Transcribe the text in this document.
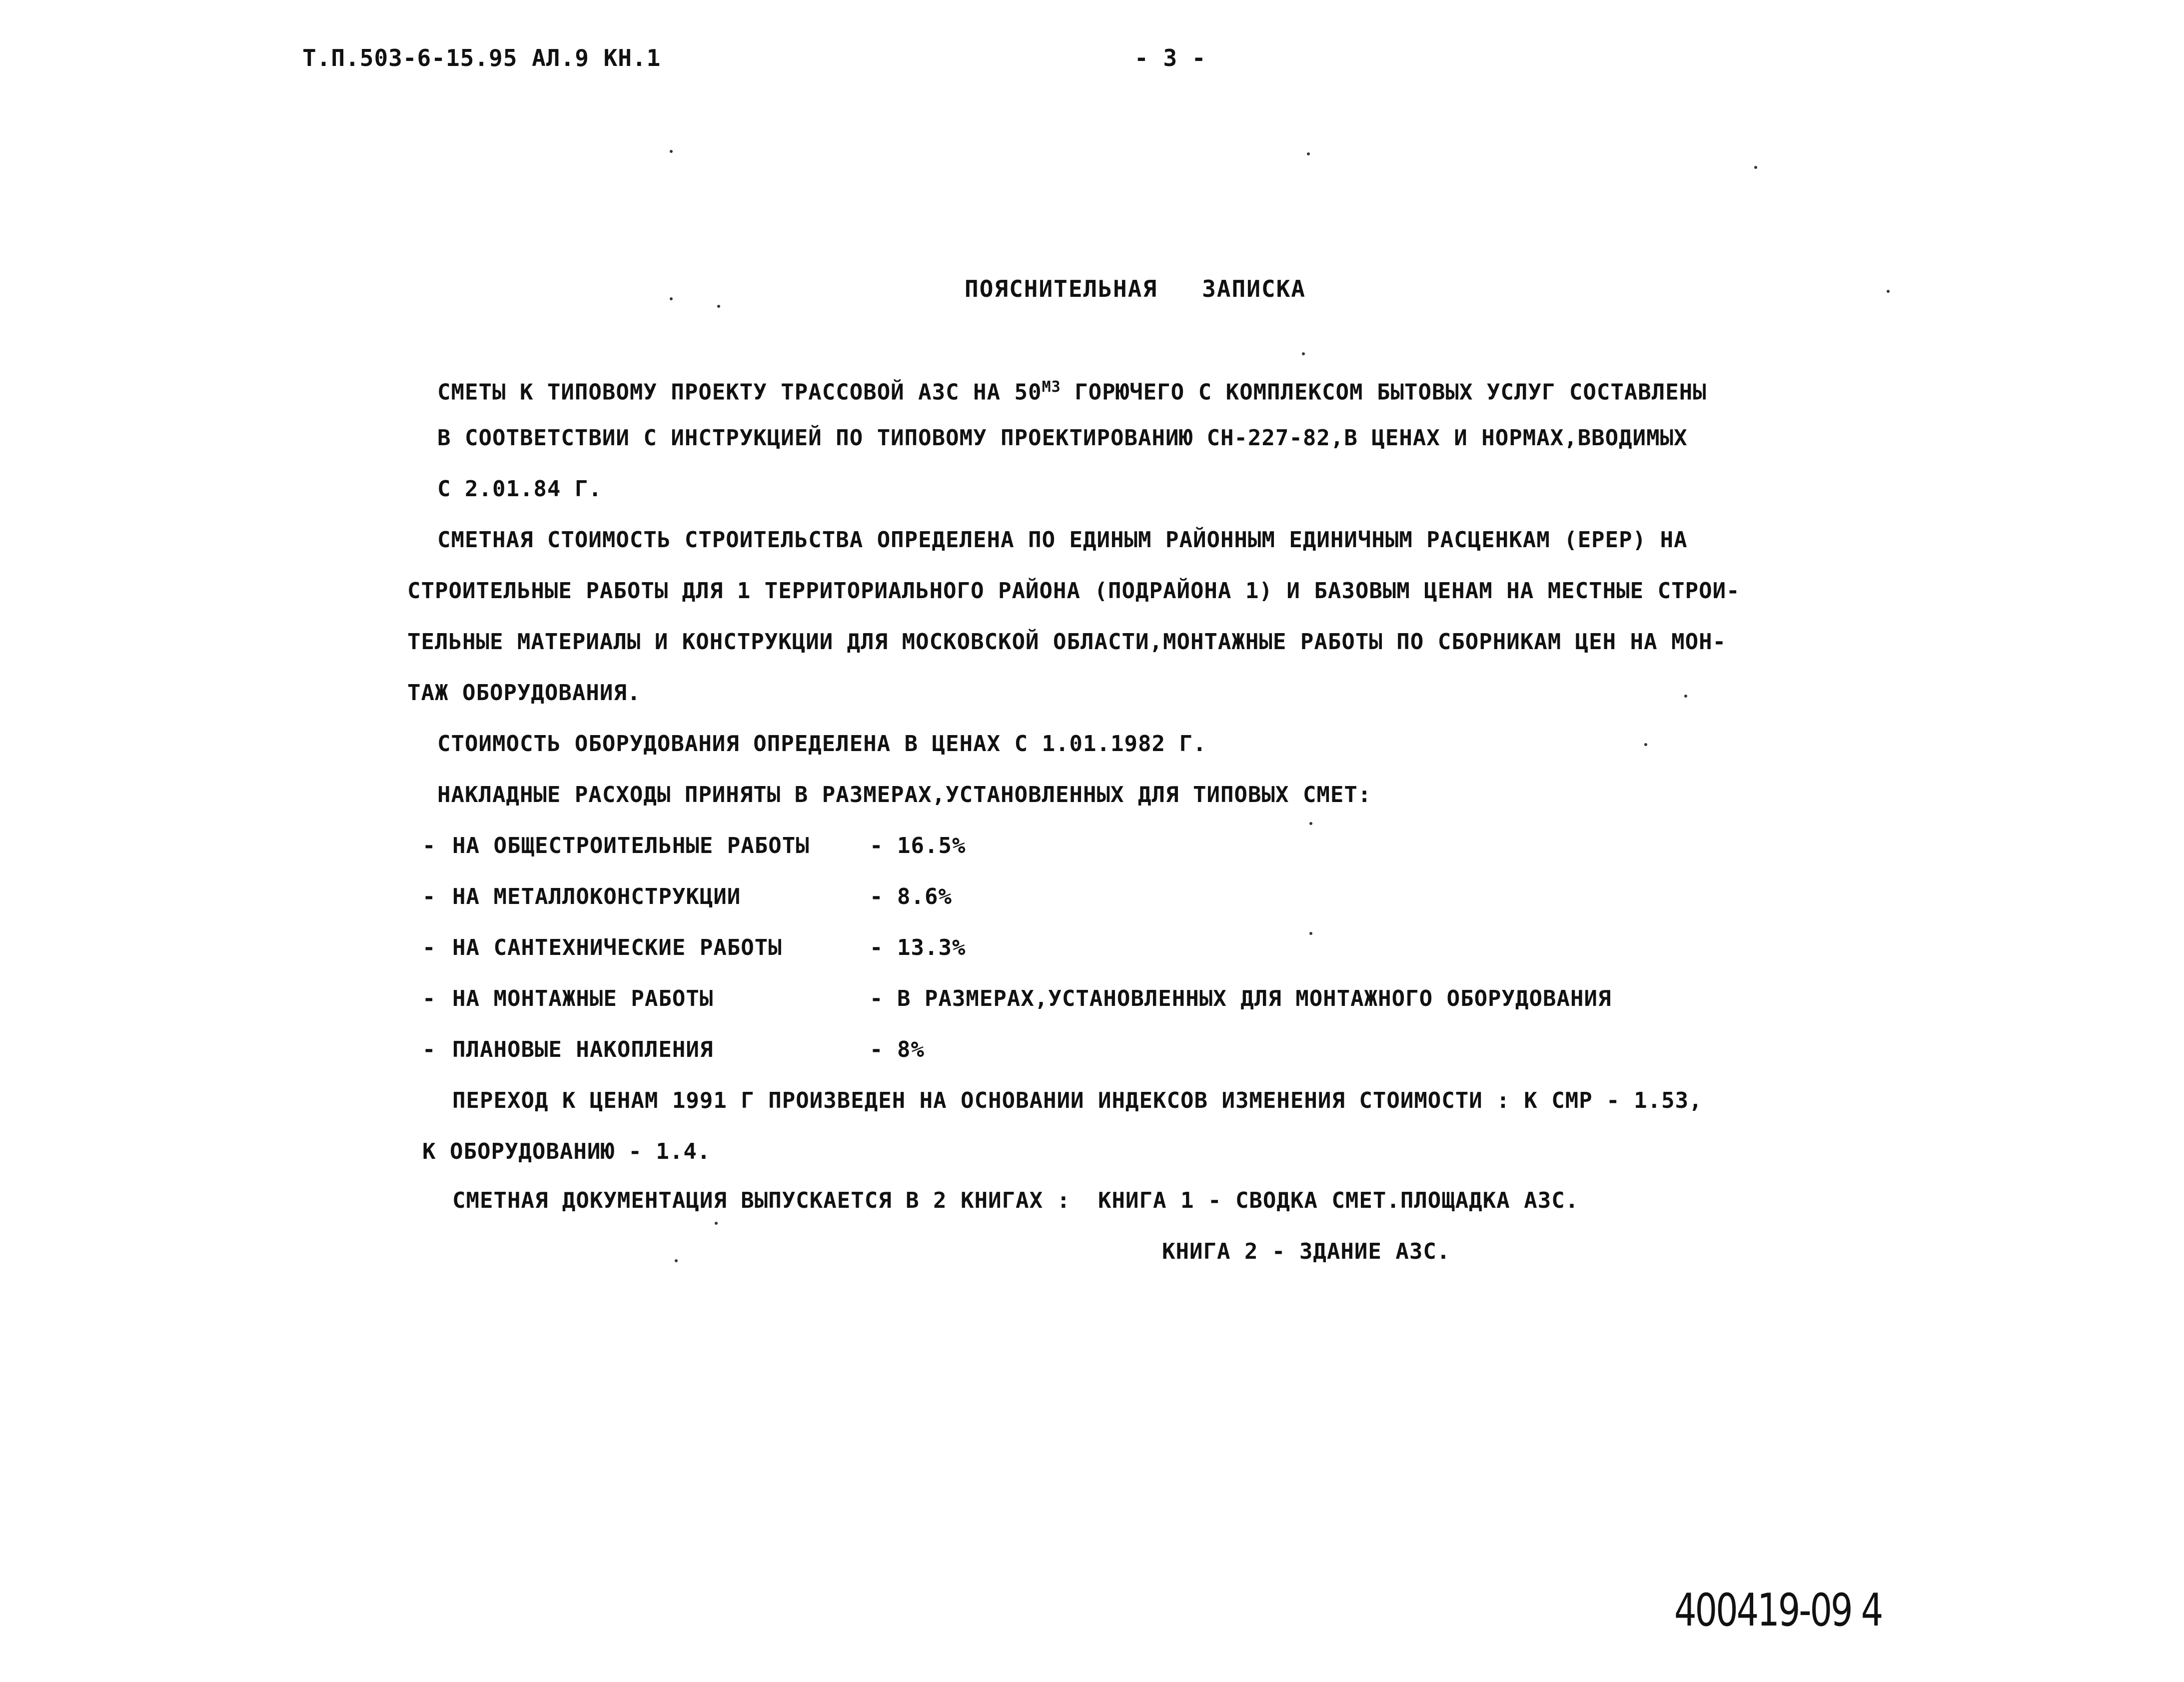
Т.П.503-6-15.95 АЛ.9 КН.1	- 3 -
ПОЯСНИТЕЛЬНАЯ   ЗАПИСКА
СМЕТЫ К ТИПОВОМУ ПРОЕКТУ ТРАССОВОЙ АЗС НА $50^{М3}$ ГОРЮЧЕГО С КОМПЛЕКСОМ БЫТОВЫХ УСЛУГ СОСТАВЛЕНЫ
В СООТВЕТСТВИИ С ИНСТРУКЦИЕЙ ПО ТИПОВОМУ ПРОЕКТИРОВАНИЮ СН-227-82,В ЦЕНАХ И НОРМАХ,ВВОДИМЫХ
С 2.01.84 Г.
СМЕТНАЯ СТОИМОСТЬ СТРОИТЕЛЬСТВА ОПРЕДЕЛЕНА ПО ЕДИНЫМ РАЙОННЫМ ЕДИНИЧНЫМ РАСЦЕНКАМ (ЕРЕР) НА
СТРОИТЕЛЬНЫЕ РАБОТЫ ДЛЯ 1 ТЕРРИТОРИАЛЬНОГО РАЙОНА (ПОДРАЙОНА 1) И БАЗОВЫМ ЦЕНАМ НА МЕСТНЫЕ СТРОИ-
ТЕЛЬНЫЕ МАТЕРИАЛЫ И КОНСТРУКЦИИ ДЛЯ МОСКОВСКОЙ ОБЛАСТИ,МОНТАЖНЫЕ РАБОТЫ ПО СБОРНИКАМ ЦЕН НА МОН-
ТАЖ ОБОРУДОВАНИЯ.
СТОИМОСТЬ ОБОРУДОВАНИЯ ОПРЕДЕЛЕНА В ЦЕНАХ С 1.01.1982 Г.
НАКЛАДНЫЕ РАСХОДЫ ПРИНЯТЫ В РАЗМЕРАХ,УСТАНОВЛЕННЫХ ДЛЯ ТИПОВЫХ СМЕТ:
- НА ОБЩЕСТРОИТЕЛЬНЫЕ РАБОТЫ	- 16.5%
- НА МЕТАЛЛОКОНСТРУКЦИИ	- 8.6%
- НА САНТЕХНИЧЕСКИЕ РАБОТЫ	- 13.3%
- НА МОНТАЖНЫЕ РАБОТЫ	- В РАЗМЕРАХ,УСТАНОВЛЕННЫХ ДЛЯ МОНТАЖНОГО ОБОРУДОВАНИЯ
- ПЛАНОВЫЕ НАКОПЛЕНИЯ	- 8%
ПЕРЕХОД К ЦЕНАМ 1991 Г ПРОИЗВЕДЕН НА ОСНОВАНИИ ИНДЕКСОВ ИЗМЕНЕНИЯ СТОИМОСТИ : К СМР - 1.53,
К ОБОРУДОВАНИЮ - 1.4.
СМЕТНАЯ ДОКУМЕНТАЦИЯ ВЫПУСКАЕТСЯ В 2 КНИГАХ :  КНИГА 1 - СВОДКА СМЕТ.ПЛОЩАДКА АЗС.
КНИГА 2 - ЗДАНИЕ АЗС.
400419-09 4
